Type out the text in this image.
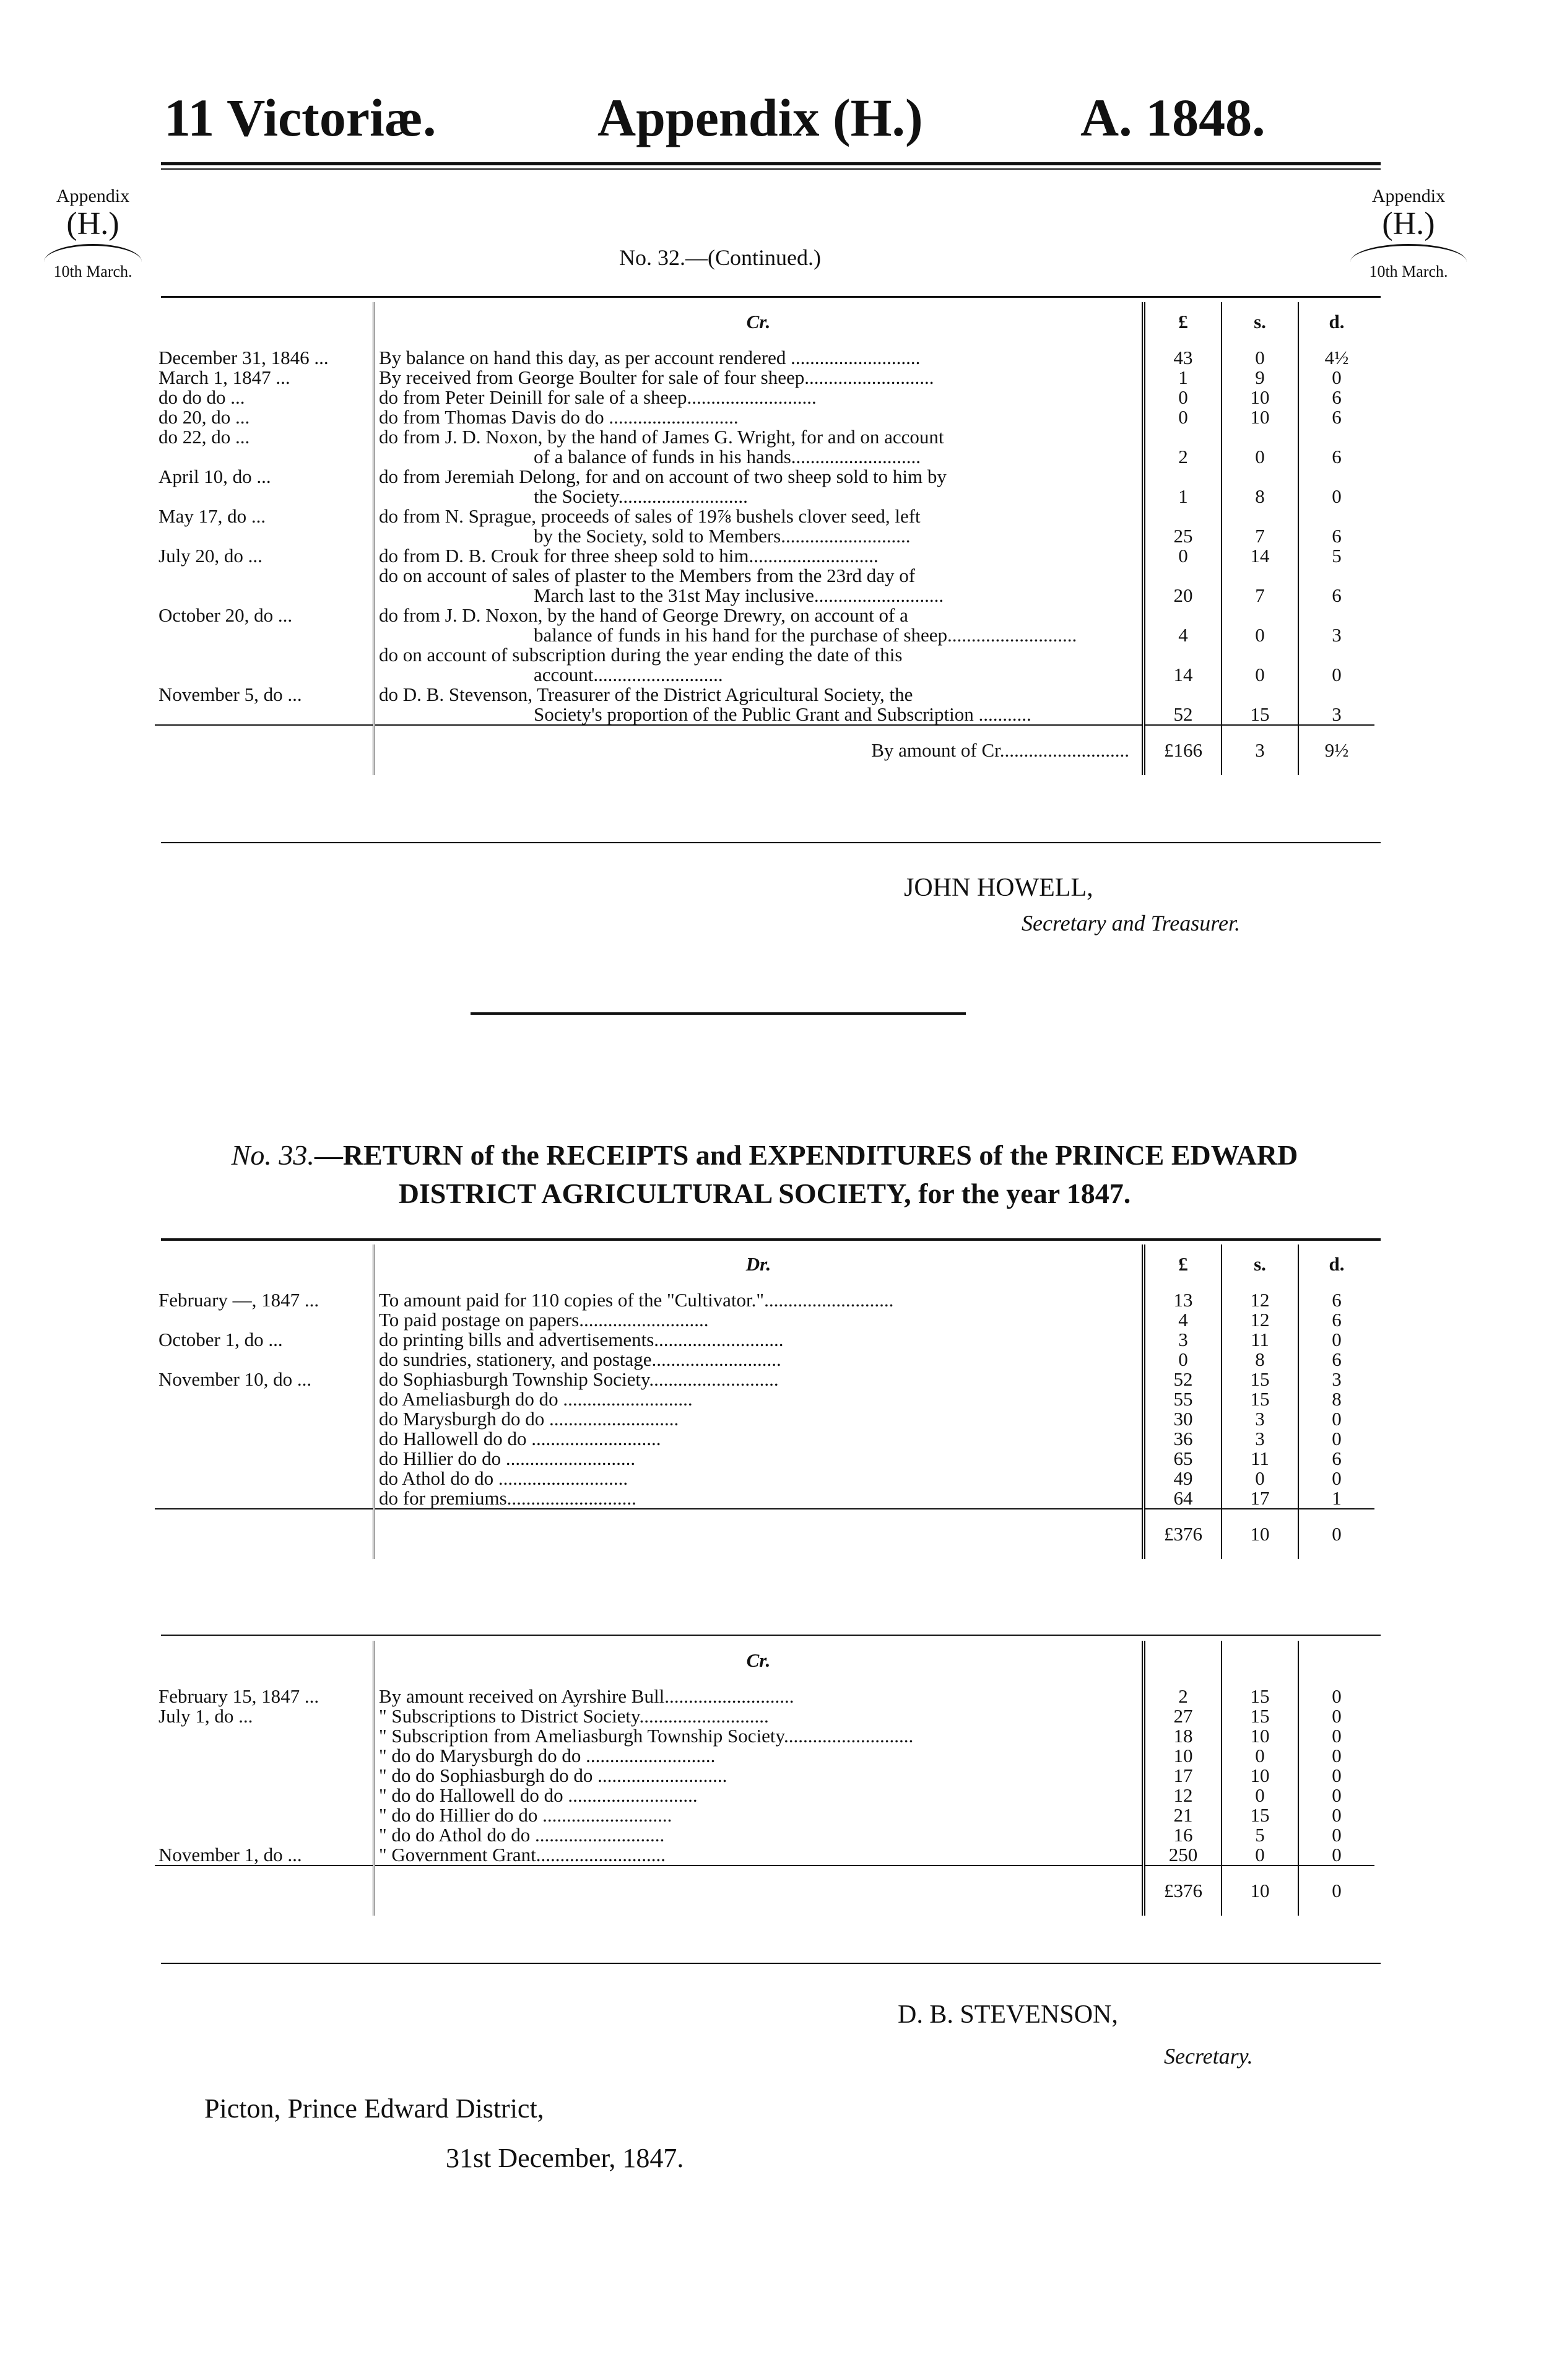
11 Victoriæ.	Appendix (H.)	A. 1848.
Appendix
(H.)
10th March.
Appendix
(H.)
10th March.
No. 32.—(Continued.)
	Cr.	£	s.	d.

December 31, 1846 ...	By balance on hand this day, as per account rendered ...........................	43	0	4½
March 1, 1847 ...	By received from George Boulter for sale of four sheep...........................	1	9	0
do do do ...	do from Peter Deinill for sale of a sheep...........................	0	10	6
do 20, do ...	do from Thomas Davis do do ...........................	0	10	6
do 22, do ...	do from J. D. Noxon, by the hand of James G. Wright, for and on account
of a balance of funds in his hands...........................	2	0	6
April 10, do ...	do from Jeremiah Delong, for and on account of two sheep sold to him by
the Society...........................	1	8	0
May 17, do ...	do from N. Sprague, proceeds of sales of 19⅞ bushels clover seed, left
by the Society, sold to Members...........................	25	7	6
July 20, do ...	do from D. B. Crouk for three sheep sold to him...........................	0	14	5

	do on account of sales of plaster to the Members from the 23rd day of
March last to the 31st May inclusive...........................	20	7	6
October 20, do ...	do from J. D. Noxon, by the hand of George Drewry, on account of a
balance of funds in his hand for the purchase of sheep...........................	4	0	3

	do on account of subscription during the year ending the date of this
account...........................	14	0	0
November 5, do ...	do D. B. Stevenson, Treasurer of the District Agricultural Society, the
Society's proportion of the Public Grant and Subscription ...........	52	15	3
	By amount of Cr...........................	£166	3	9½
JOHN HOWELL,
Secretary and Treasurer.
No. 33.—RETURN of the RECEIPTS and EXPENDITURES of the PRINCE EDWARD
DISTRICT AGRICULTURAL SOCIETY, for the year 1847.
	Dr.	£	s.	d.

February —, 1847 ...	To amount paid for 110 copies of the "Cultivator."...........................	13	12	6
	To paid postage on papers...........................	4	12	6
October 1, do ...	do printing bills and advertisements...........................	3	11	0
	do sundries, stationery, and postage...........................	0	8	6
November 10, do ...	do Sophiasburgh Township Society...........................	52	15	3
	do Ameliasburgh do do ...........................	55	15	8
	do Marysburgh do do ...........................	30	3	0
	do Hallowell do do ...........................	36	3	0
	do Hillier do do ...........................	65	11	6
	do Athol do do ...........................	49	0	0
	do for premiums...........................	64	17	1
		£376	10	0
	Cr.			

February 15, 1847 ...	By amount received on Ayrshire Bull...........................	2	15	0
July 1, do ...	" Subscriptions to District Society...........................	27	15	0
	" Subscription from Ameliasburgh Township Society...........................	18	10	0
	" do do Marysburgh do do ...........................	10	0	0
	" do do Sophiasburgh do do ...........................	17	10	0
	" do do Hallowell do do ...........................	12	0	0
	" do do Hillier do do ...........................	21	15	0
	" do do Athol do do ...........................	16	5	0
November 1, do ...	" Government Grant...........................	250	0	0
		£376	10	0
D. B. STEVENSON,
Secretary.
Picton, Prince Edward District,
31st December, 1847.
